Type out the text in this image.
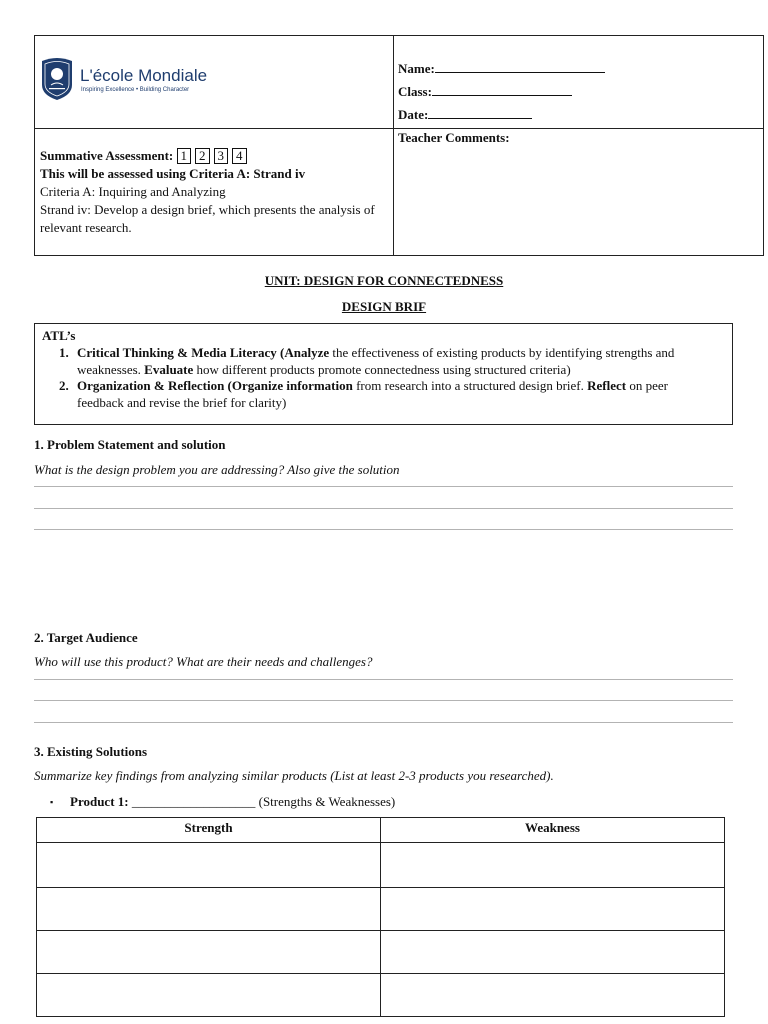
L'école Mondiale
Inspiring Excellence • Building Character
Name:
Class:
Date:
Teacher Comments:
Summative Assessment: 1 2 3 4
This will be assessed using Criteria A: Strand iv
Criteria A: Inquiring and Analyzing
Strand iv: Develop a design brief, which presents the analysis of
relevant research.
UNIT: DESIGN FOR CONNECTEDNESS
DESIGN BRIF
ATL’s
1. Critical Thinking & Media Literacy (Analyze the effectiveness of existing products by identifying strengths and
weaknesses. Evaluate how different products promote connectedness using structured criteria)
2. Organization & Reflection (Organize information from research into a structured design brief. Reflect on peer
feedback and revise the brief for clarity)
1. Problem Statement and solution
What is the design problem you are addressing? Also give the solution
2. Target Audience
Who will use this product? What are their needs and challenges?
3. Existing Solutions
Summarize key findings from analyzing similar products (List at least 2-3 products you researched).
▪ Product 1: ___________________ (Strengths & Weaknesses)
Strength	Weakness
